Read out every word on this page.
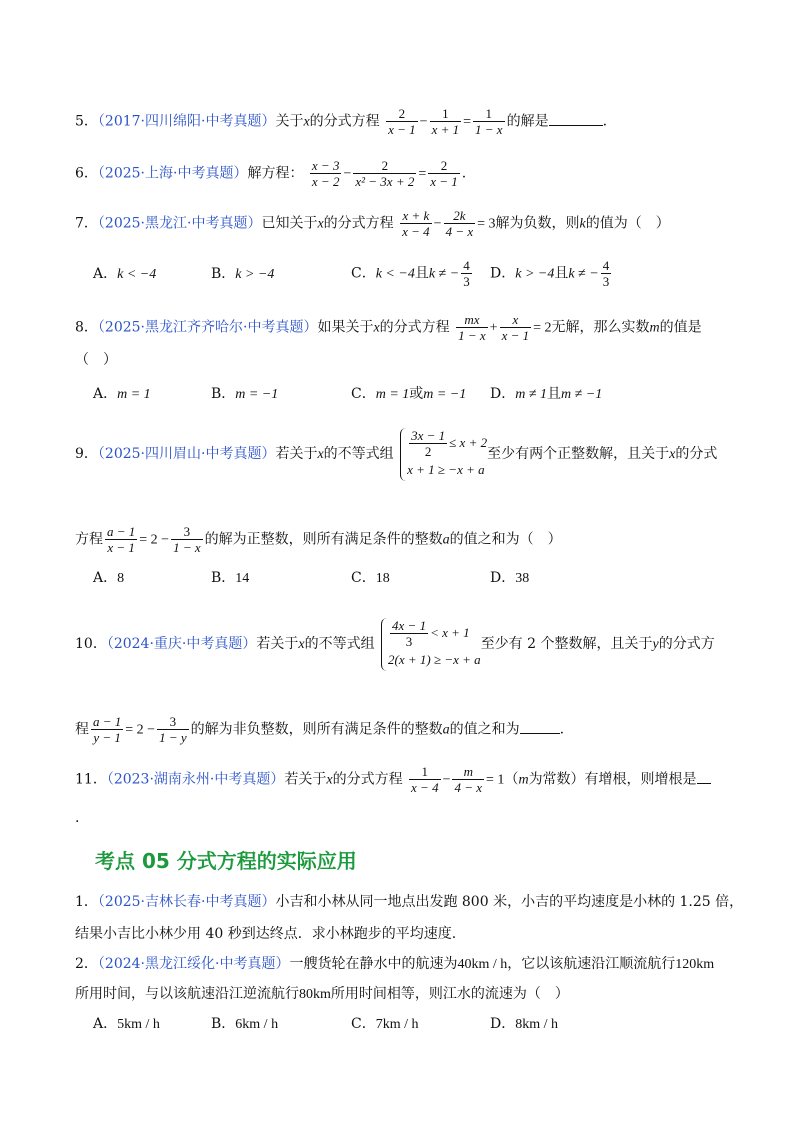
5．（2017·四川绵阳·中考真题）关于x的分式方程 $\frac{2}{x - 1} - \frac{1}{x + 1} = \frac{1}{1 - x}$ 的解是	.
6．（2025·上海·中考真题）解方程： $\frac{x - 3}{x - 2} - \frac{2}{\text{x² − 3x + 2}} = \frac{2}{x - 1}$ .
7．（2025·黑龙江·中考真题）已知关于x的分式方程 $\frac{x + k}{x - 4} - \frac{2k}{4 - x} = 3$解为负数，则k的值为（　）
A．k < −4	B．k > −4	C．k < −4且k ≠ − $\frac{4}{3}$ D．k > −4且k ≠ − $\frac{4}{3}$
8．（2025·黑龙江齐齐哈尔·中考真题）如果关于x的分式方程 $\frac{mx}{1 - x} + \frac{x}{x - 1} = 2$无解，那么实数m的值是
（　）
A．m = 1	B．m = −1	C．m = 1或m = −1 D．m ≠ 1且m ≠ −1
9．（2025·四川眉山·中考真题）若关于x的不等式组 $\frac{3x - 1}{2} \le x + 2$
x + 1 ≥ −x + a
至少有两个正整数解，且关于x的分式
方程 $\frac{a - 1}{x - 1} = 2 - \frac{3}{1 - x}$ 的解为正整数，则所有满足条件的整数a的值之和为（　）
A．8	B．14	C．18	D．38
10．（2024·重庆·中考真题）若关于x的不等式组 $\frac{4x - 1}{3} < x + 1$
2(x + 1) ≥ −x + a
至少有 2 个整数解，且关于y的分式方
程 $\frac{a - 1}{y - 1} = 2 - \frac{3}{1 - y}$ 的解为非负整数，则所有满足条件的整数a的值之和为	.
11．（2023·湖南永州·中考真题）若关于x的分式方程 $\frac{1}{x - 4} - \frac{m}{4 - x} = 1(m$为常数）有增根，则增根是
.
考点 05 分式方程的实际应用
1．（2025·吉林长春·中考真题）小吉和小林从同一地点出发跑 800 米，小吉的平均速度是小林的 1.25 倍，
结果小吉比小林少用 40 秒到达终点．求小林跑步的平均速度.
2．（2024·黑龙江绥化·中考真题）一艘货轮在静水中的航速为40km / h，它以该航速沿江顺流航行120km
所用时间，与以该航速沿江逆流航行80km所用时间相等，则江水的流速为（　）
A．5km / h	B．6km / h	C．7km / h	D．8km / h
